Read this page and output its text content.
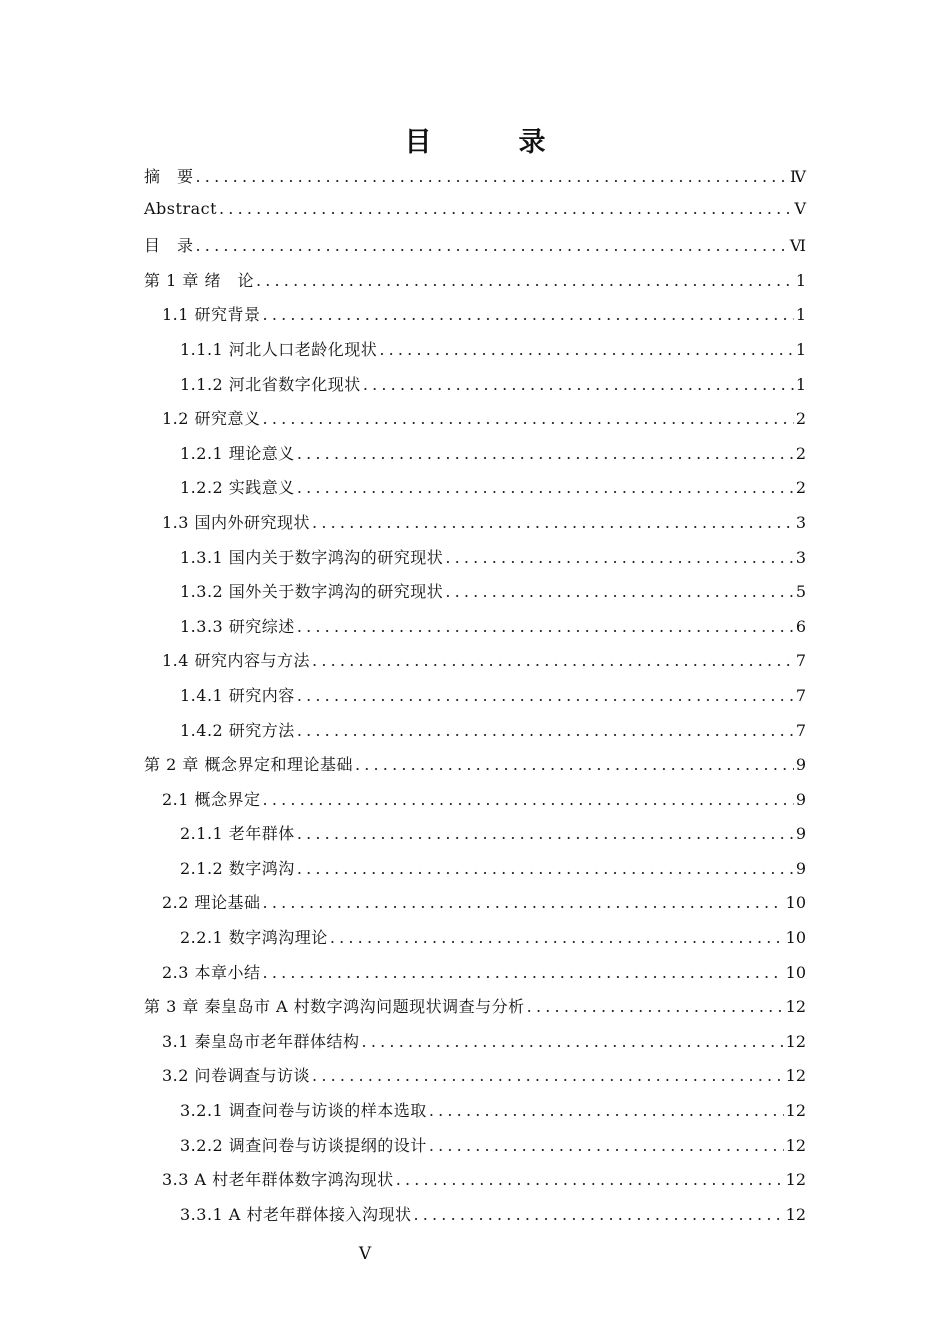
目　录
摘　要 .....	Ⅳ
Abstract .....	Ⅴ
目　录 .....	Ⅵ
第 1 章 绪　论 .....	1
1.1 研究背景 .....	1
1.1.1 河北人口老龄化现状 .....	1
1.1.2 河北省数字化现状 .....	1
1.2 研究意义 .....	2
1.2.1 理论意义 .....	2
1.2.2 实践意义 .....	2
1.3 国内外研究现状 .....	3
1.3.1 国内关于数字鸿沟的研究现状 .....	3
1.3.2 国外关于数字鸿沟的研究现状 .....	5
1.3.3 研究综述 .....	6
1.4 研究内容与方法 .....	7
1.4.1 研究内容 .....	7
1.4.2 研究方法 .....	7
第 2 章 概念界定和理论基础 .....	9
2.1 概念界定 .....	9
2.1.1 老年群体 .....	9
2.1.2 数字鸿沟 .....	9
2.2 理论基础 .....	10
2.2.1 数字鸿沟理论 .....	10
2.3 本章小结 .....	10
第 3 章 秦皇岛市 A 村数字鸿沟问题现状调查与分析 .....	12
3.1 秦皇岛市老年群体结构 .....	12
3.2 问卷调查与访谈 .....	12
3.2.1 调查问卷与访谈的样本选取 .....	12
3.2.2 调查问卷与访谈提纲的设计 .....	12
3.3 A 村老年群体数字鸿沟现状 .....	12
3.3.1 A 村老年群体接入沟现状 .....	12
V
